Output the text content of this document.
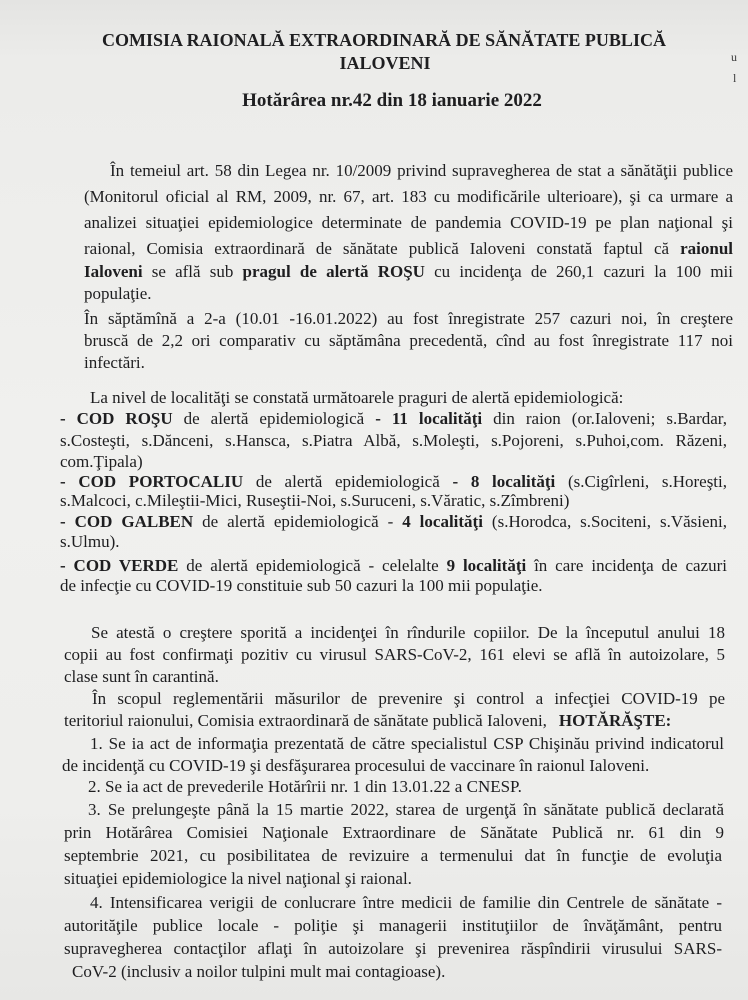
u
l
COMISIA RAIONALĂ EXTRAORDINARĂ DE SĂNĂTATE PUBLICĂ
IALOVENI
Hotărârea nr.42 din 18 ianuarie 2022
În temeiul art. 58 din Legea nr. 10/2009 privind supravegherea de stat a sănătăţii publice
(Monitorul oficial al RM, 2009, nr. 67, art. 183 cu modificările ulterioare), şi ca urmare a
analizei situaţiei epidemiologice determinate de pandemia COVID-19 pe plan naţional şi
raional, Comisia extraordinară de sănătate publică Ialoveni constată faptul că raionul
Ialoveni se află sub pragul de alertă ROŞU cu incidenţa de 260,1 cazuri la 100 mii
populaţie.
În săptămînă a 2-a (10.01 -16.01.2022) au fost înregistrate 257 cazuri noi, în creştere
bruscă de 2,2 ori comparativ cu săptămâna precedentă, cînd au fost înregistrate 117 noi
infectări.
La nivel de localităţi se constată următoarele praguri de alertă epidemiologică:
- COD ROŞU de alertă epidemiologică - 11 localităţi din raion (or.Ialoveni; s.Bardar,
s.Costeşti, s.Dănceni, s.Hansca, s.Piatra Albă, s.Moleşti, s.Pojoreni, s.Puhoi,com. Răzeni,
com.Ţipala)
- COD PORTOCALIU de alertă epidemiologică - 8 localităţi (s.Cigîrleni, s.Horeşti,
s.Malcoci, c.Mileştii-Mici, Ruseştii-Noi, s.Suruceni, s.Văratic, s.Zîmbreni)
- COD GALBEN de alertă epidemiologică - 4 localităţi (s.Horodca, s.Sociteni, s.Văsieni,
s.Ulmu).
- COD VERDE de alertă epidemiologică - celelalte 9 localităţi în care incidenţa de cazuri
de infecţie cu COVID-19 constituie sub 50 cazuri la 100 mii populaţie.
Se atestă o creştere sporită a incidenţei în rîndurile copiilor. De la începutul anului 18
copii au fost confirmaţi pozitiv cu virusul SARS-CoV-2, 161 elevi se află în autoizolare, 5
clase sunt în carantină.
În scopul reglementării măsurilor de prevenire şi control a infecţiei COVID-19 pe
teritoriul raionului, Comisia extraordinară de sănătate publică Ialoveni, HOTĂRĂŞTE:
1. Se ia act de informaţia prezentată de către specialistul CSP Chişinău privind indicatorul
de incidenţă cu COVID-19 şi desfăşurarea procesului de vaccinare în raionul Ialoveni.
2. Se ia act de prevederile Hotărîrii nr. 1 din 13.01.22 a CNESP.
3. Se prelungeşte până la 15 martie 2022, starea de urgenţă în sănătate publică declarată
prin Hotărârea Comisiei Naţionale Extraordinare de Sănătate Publică nr. 61 din 9
septembrie 2021, cu posibilitatea de revizuire a termenului dat în funcţie de evoluţia
situaţiei epidemiologice la nivel naţional şi raional.
4. Intensificarea verigii de conlucrare între medicii de familie din Centrele de sănătate -
autorităţile publice locale - poliţie şi managerii instituţiilor de învăţământ, pentru
supravegherea contacţilor aflaţi în autoizolare şi prevenirea răspîndirii virusului SARS-
CoV-2 (inclusiv a noilor tulpini mult mai contagioase).
